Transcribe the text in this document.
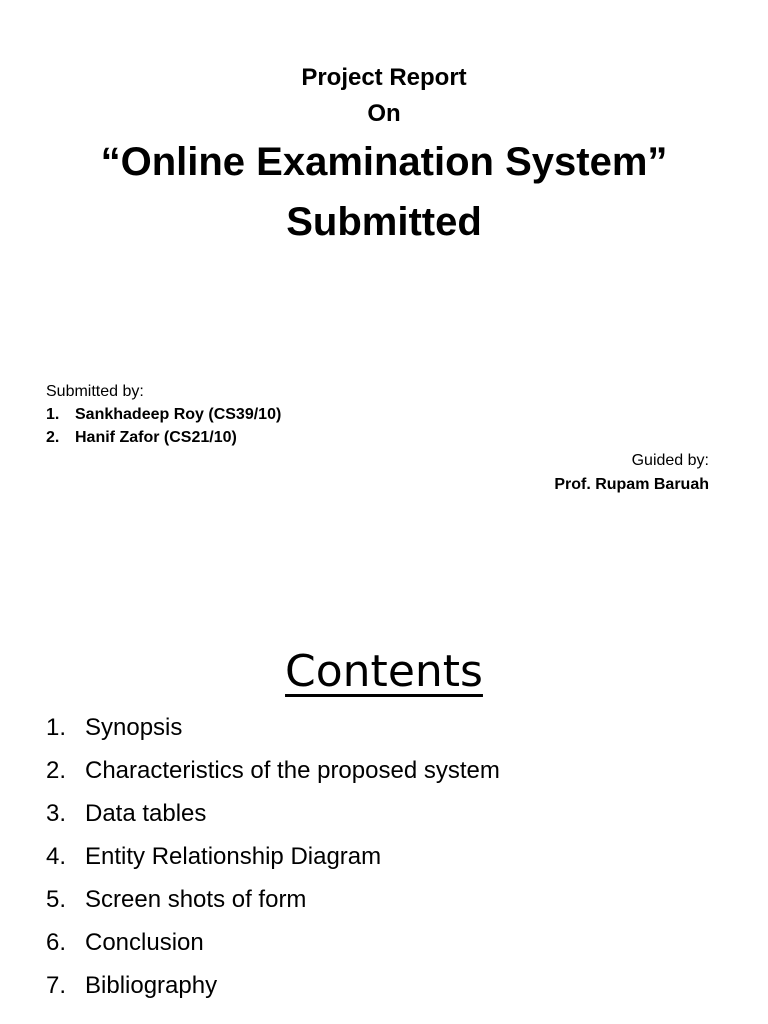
Project Report
On
“Online Examination System”
Submitted
Submitted by:
1. Sankhadeep Roy (CS39/10)
2. Hanif Zafor (CS21/10)
Guided by:
Prof. Rupam Baruah
Contents
1. Synopsis
2. Characteristics of the proposed system
3. Data tables
4. Entity Relationship Diagram
5. Screen shots of form
6. Conclusion
7. Bibliography
